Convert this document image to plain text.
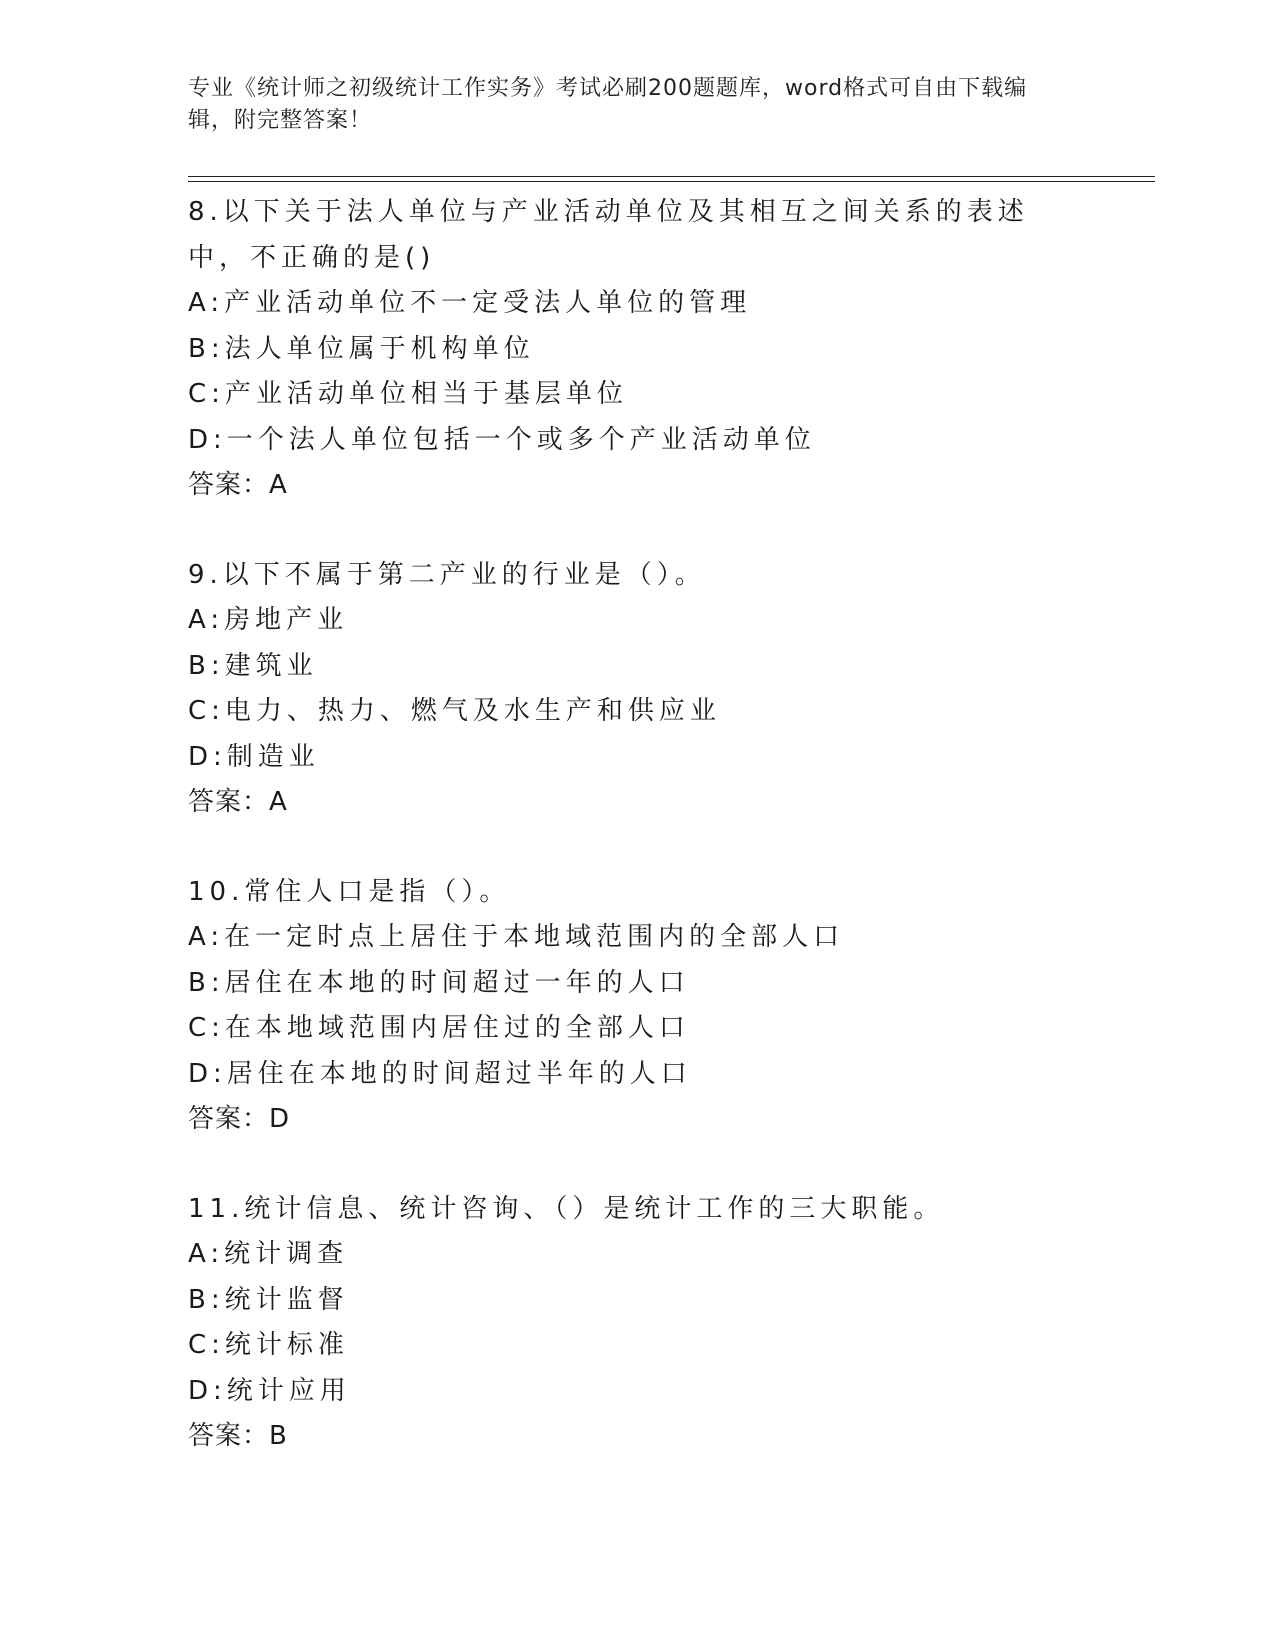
专业《统计师之初级统计工作实务》考试必刷200题题库，word格式可自由下载编辑，附完整答案！

8.以下关于法人单位与产业活动单位及其相互之间关系的表述中，不正确的是()

A:产业活动单位不一定受法人单位的管理

B:法人单位属于机构单位

C:产业活动单位相当于基层单位

D:一个法人单位包括一个或多个产业活动单位

答案：A

9.以下不属于第二产业的行业是（）。

A:房地产业

B:建筑业

C:电力、热力、燃气及水生产和供应业

D:制造业

答案：A

10.常住人口是指（）。

A:在一定时点上居住于本地域范围内的全部人口

B:居住在本地的时间超过一年的人口

C:在本地域范围内居住过的全部人口

D:居住在本地的时间超过半年的人口

答案：D

11.统计信息、统计咨询、（）是统计工作的三大职能。

A:统计调查

B:统计监督

C:统计标准

D:统计应用

答案：B
